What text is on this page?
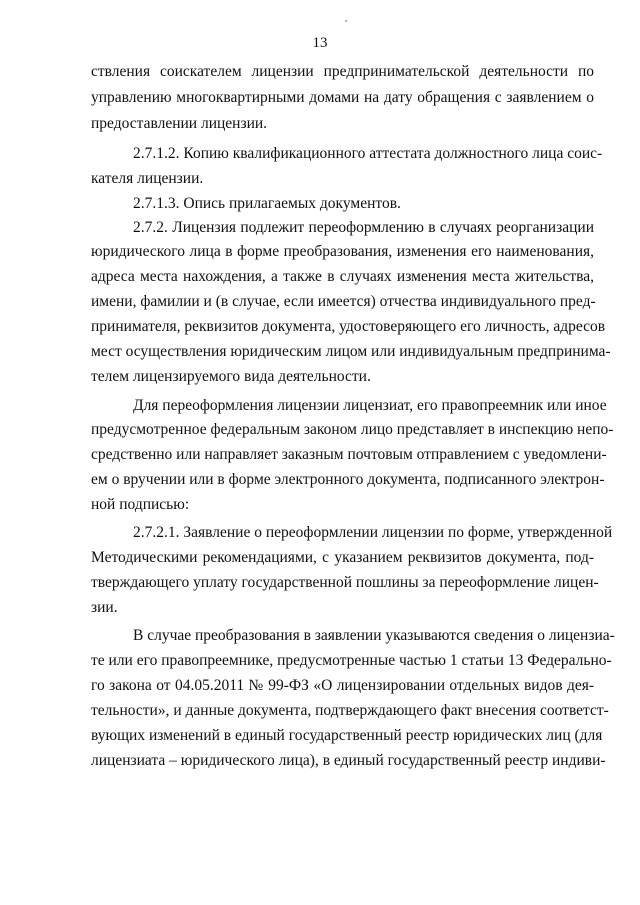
13
ствления соискателем лицензии предпринимательской деятельности по
управлению многоквартирными домами на дату обращения с заявлением о
предоставлении лицензии.
2.7.1.2. Копию квалификационного аттестата должностного лица соис-
кателя лицензии.
2.7.1.3. Опись прилагаемых документов.
2.7.2. Лицензия подлежит переоформлению в случаях реорганизации
юридического лица в форме преобразования, изменения его наименования,
адреса места нахождения, а также в случаях изменения места жительства,
имени, фамилии и (в случае, если имеется) отчества индивидуального пред-
принимателя, реквизитов документа, удостоверяющего его личность, адресов
мест осуществления юридическим лицом или индивидуальным предпринима-
телем лицензируемого вида деятельности.
Для переоформления лицензии лицензиат, его правопреемник или иное
предусмотренное федеральным законом лицо представляет в инспекцию непо-
средственно или направляет заказным почтовым отправлением с уведомлени-
ем о вручении или в форме электронного документа, подписанного электрон-
ной подписью:
2.7.2.1. Заявление о переоформлении лицензии по форме, утвержденной
Методическими рекомендациями, с указанием реквизитов документа, под-
тверждающего уплату государственной пошлины за переоформление лицен-
зии.
В случае преобразования в заявлении указываются сведения о лицензиа-
те или его правопреемнике, предусмотренные частью 1 статьи 13 Федерально-
го закона от 04.05.2011 № 99-ФЗ «О лицензировании отдельных видов дея-
тельности», и данные документа, подтверждающего факт внесения соответст-
вующих изменений в единый государственный реестр юридических лиц (для
лицензиата – юридического лица), в единый государственный реестр индиви-
